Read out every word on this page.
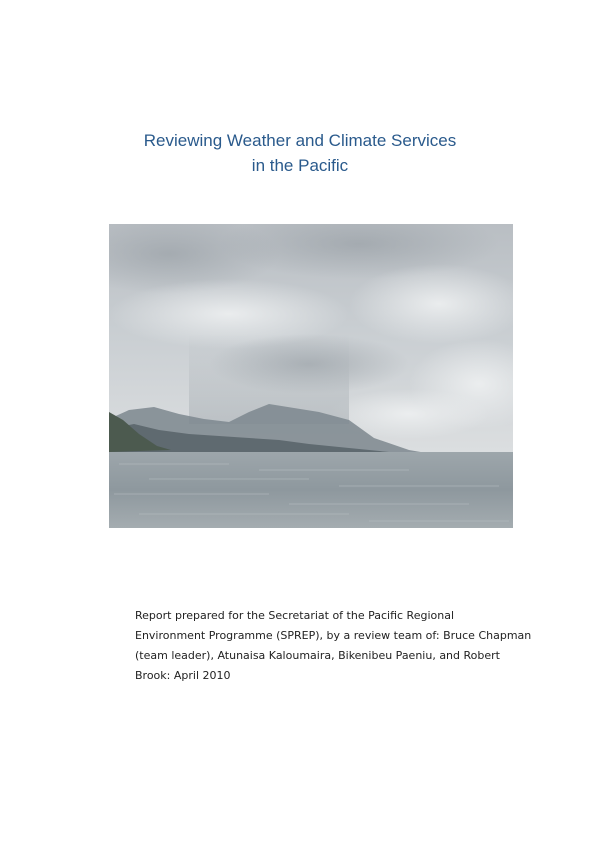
Reviewing Weather and Climate Services
in the Pacific

Report prepared for the Secretariat of the Pacific Regional
Environment Programme (SPREP), by a review team of: Bruce Chapman
(team leader), Atunaisa Kaloumaira, Bikenibeu Paeniu, and Robert
Brook: April 2010
